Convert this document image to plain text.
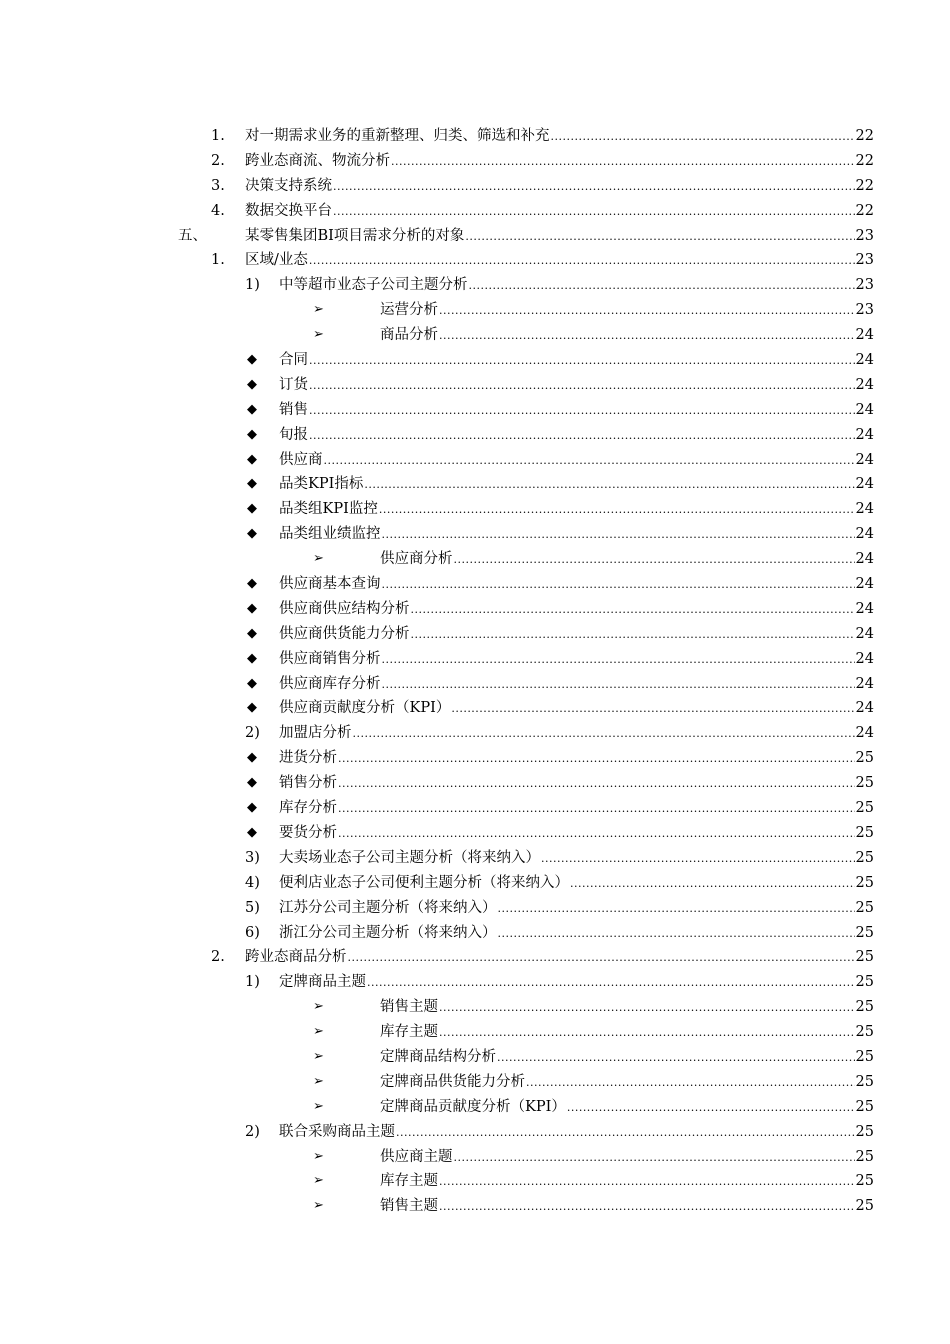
1. 对一期需求业务的重新整理、归类、筛选和补充 .....	22
2. 跨业态商流、物流分析 .....	22
3. 决策支持系统 .....	22
4. 数据交换平台 .....	22
五、	某零售集团BI项目需求分析的对象 .....	23
1. 区域/业态 .....	23
1) 中等超市业态子公司主题分析 .....	23
➢	运营分析 .....	23
➢	商品分析 .....	24
◆ 合同 .....	24
◆ 订货 .....	24
◆ 销售 .....	24
◆ 旬报 .....	24
◆ 供应商 .....	24
◆ 品类KPI指标 .....	24
◆ 品类组KPI监控 .....	24
◆ 品类组业绩监控 .....	24
➢	供应商分析 .....	24
◆ 供应商基本查询 .....	24
◆ 供应商供应结构分析 .....	24
◆ 供应商供货能力分析 .....	24
◆ 供应商销售分析 .....	24
◆ 供应商库存分析 .....	24
◆ 供应商贡献度分析（KPI） .....	24
2) 加盟店分析 .....	24
◆ 进货分析 .....	25
◆ 销售分析 .....	25
◆ 库存分析 .....	25
◆ 要货分析 .....	25
3) 大卖场业态子公司主题分析（将来纳入） .....	25
4) 便利店业态子公司便利主题分析（将来纳入） .....	25
5) 江苏分公司主题分析（将来纳入） .....	25
6) 浙江分公司主题分析（将来纳入） .....	25
2. 跨业态商品分析 .....	25
1) 定牌商品主题 .....	25
➢	销售主题 .....	25
➢	库存主题 .....	25
➢	定牌商品结构分析 .....	25
➢	定牌商品供货能力分析 .....	25
➢	定牌商品贡献度分析（KPI） .....	25
2) 联合采购商品主题 .....	25
➢	供应商主题 .....	25
➢	库存主题 .....	25
➢	销售主题 .....	25
